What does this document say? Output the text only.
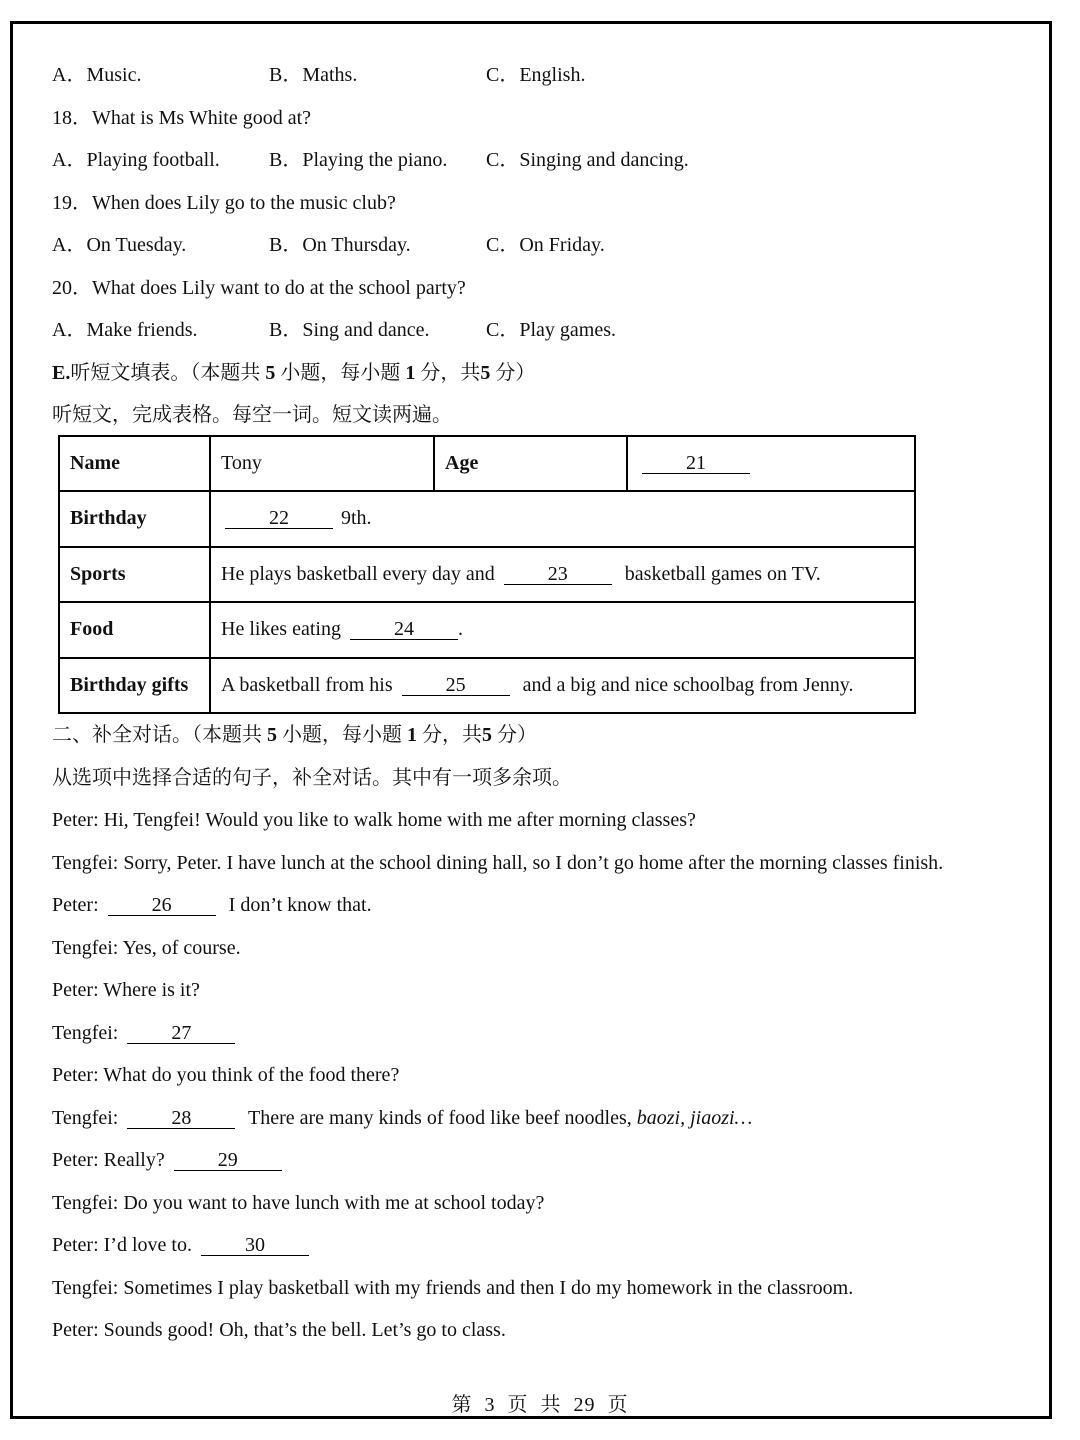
A．Music.	B．Maths.	C．English.
18．What is Ms White good at?
A．Playing football. B．Playing the piano. C．Singing and dancing.
19．When does Lily go to the music club?
A．On Tuesday.	B．On Thursday.	C．On Friday.
20．What does Lily want to do at the school party?
A．Make friends.	B．Sing and dance.	C．Play games.
E.听短文填表。（本题共 5 小题，每小题 1 分，共5 分）
听短文，完成表格。每空一词。短文读两遍。
Name	Tony	Age	21
Birthday	22 9th.		
Sports	He plays basketball every day and 23 basketball games on TV.		
Food	He likes eating 24 .		
Birthday gifts	A basketball from his 25 and a big and nice schoolbag from Jenny.		
二、补全对话。（本题共 5 小题，每小题 1 分，共5 分）
从选项中选择合适的句子，补全对话。其中有一项多余项。
Peter: Hi, Tengfei! Would you like to walk home with me after morning classes?
Tengfei: Sorry, Peter. I have lunch at the school dining hall, so I don’t go home after the morning classes finish.
Peter:	26	I don’t know that.
Tengfei: Yes, of course.
Peter: Where is it?
Tengfei:	27
Peter: What do you think of the food there?
Tengfei:	28	There are many kinds of food like beef noodles, baozi, jiaozi…
Peter: Really?	29
Tengfei: Do you want to have lunch with me at school today?
Peter: I’d love to.	30
Tengfei: Sometimes I play basketball with my friends and then I do my homework in the classroom.
Peter: Sounds good! Oh, that’s the bell. Let’s go to class.
第 3 页 共 29 页
